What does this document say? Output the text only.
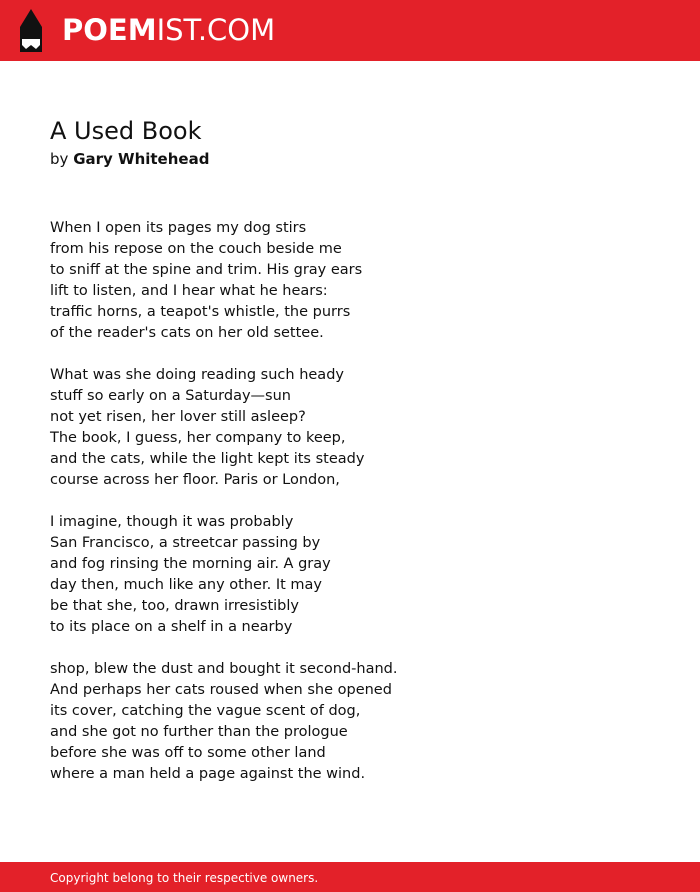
POEMIST.COM
A Used Book
by Gary Whitehead
When I open its pages my dog stirs
from his repose on the couch beside me
to sniff at the spine and trim. His gray ears
lift to listen, and I hear what he hears:
traffic horns, a teapot's whistle, the purrs
of the reader's cats on her old settee.
What was she doing reading such heady
stuff so early on a Saturday—sun
not yet risen, her lover still asleep?
The book, I guess, her company to keep,
and the cats, while the light kept its steady
course across her floor. Paris or London,
I imagine, though it was probably
San Francisco, a streetcar passing by
and fog rinsing the morning air. A gray
day then, much like any other. It may
be that she, too, drawn irresistibly
to its place on a shelf in a nearby
shop, blew the dust and bought it second-hand.
And perhaps her cats roused when she opened
its cover, catching the vague scent of dog,
and she got no further than the prologue
before she was off to some other land
where a man held a page against the wind.
Copyright belong to their respective owners.
